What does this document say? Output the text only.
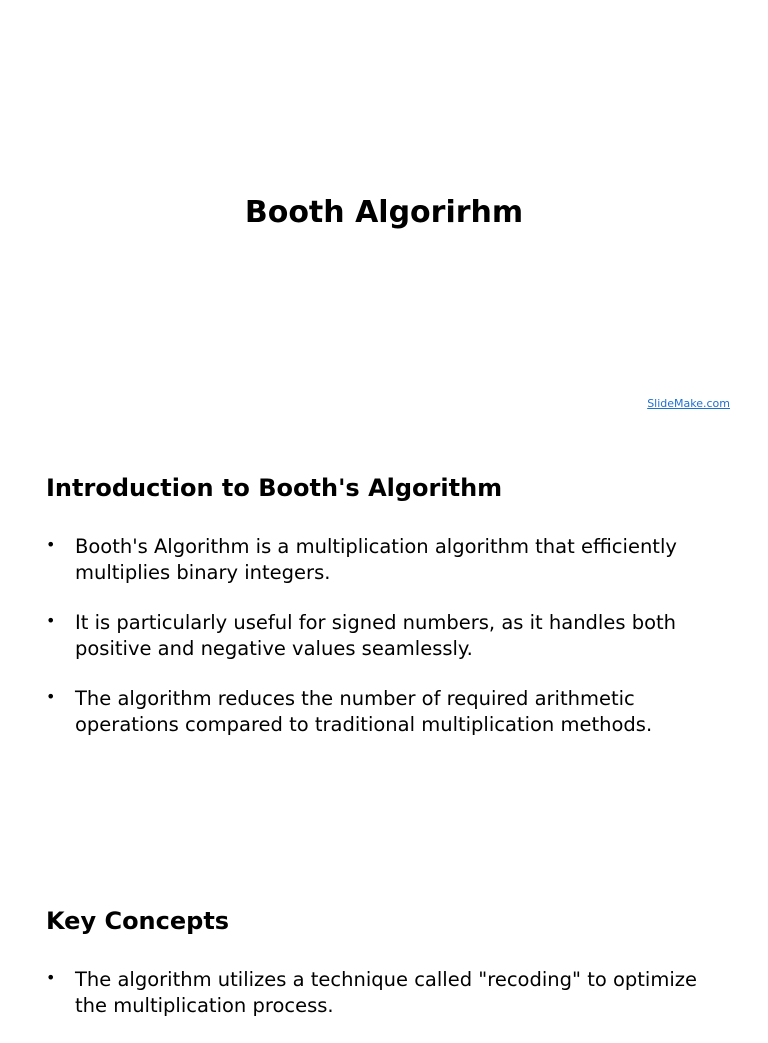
Booth Algorirhm
SlideMake.com
Introduction to Booth's Algorithm
• Booth's Algorithm is a multiplication algorithm that efficiently multiplies binary integers.
• It is particularly useful for signed numbers, as it handles both positive and negative values seamlessly.
• The algorithm reduces the number of required arithmetic operations compared to traditional multiplication methods.
Key Concepts
• The algorithm utilizes a technique called "recoding" to optimize the multiplication process.
